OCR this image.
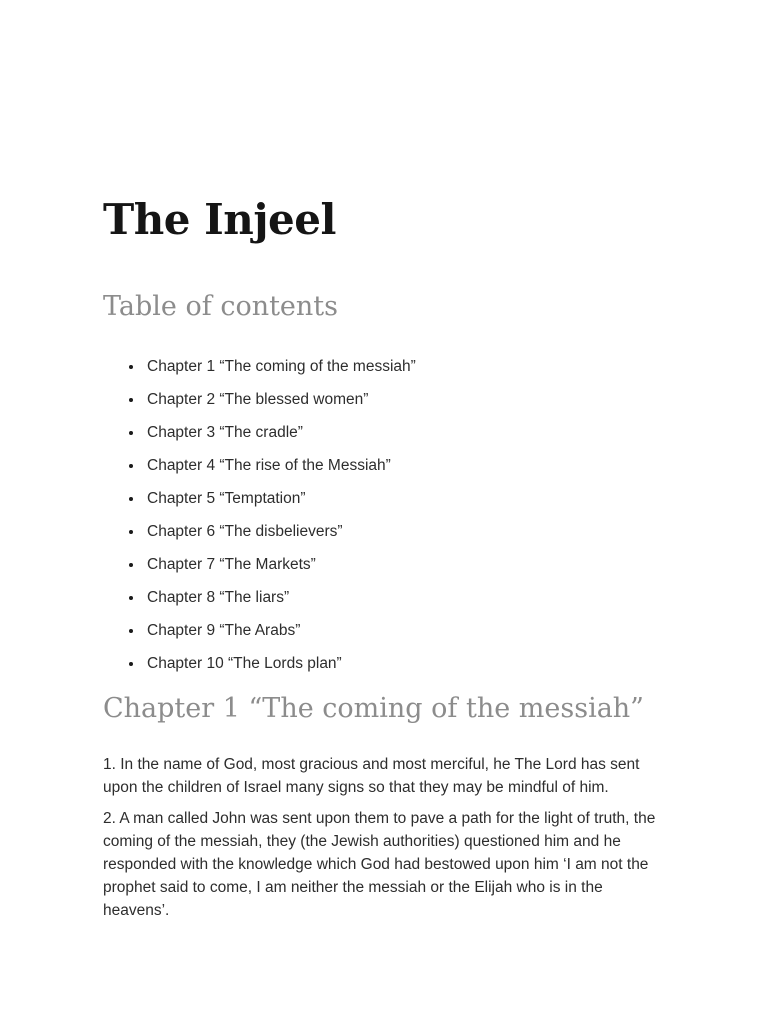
The Injeel
Table of contents
• Chapter 1 “The coming of the messiah”
• Chapter 2 “The blessed women”
• Chapter 3 “The cradle”
• Chapter 4 “The rise of the Messiah”
• Chapter 5 “Temptation”
• Chapter 6 “The disbelievers”
• Chapter 7 “The Markets”
• Chapter 8 “The liars”
• Chapter 9 “The Arabs”
• Chapter 10 “The Lords plan”
Chapter 1 “The coming of the messiah”

1. In the name of God, most gracious and most merciful, he The Lord has sent upon the children of Israel many signs so that they may be mindful of him.

2. A man called John was sent upon them to pave a path for the light of truth, the coming of the messiah, they (the Jewish authorities) questioned him and he responded with the knowledge which God had bestowed upon him ‘I am not the prophet said to come, I am neither the messiah or the Elijah who is in the heavens’.
